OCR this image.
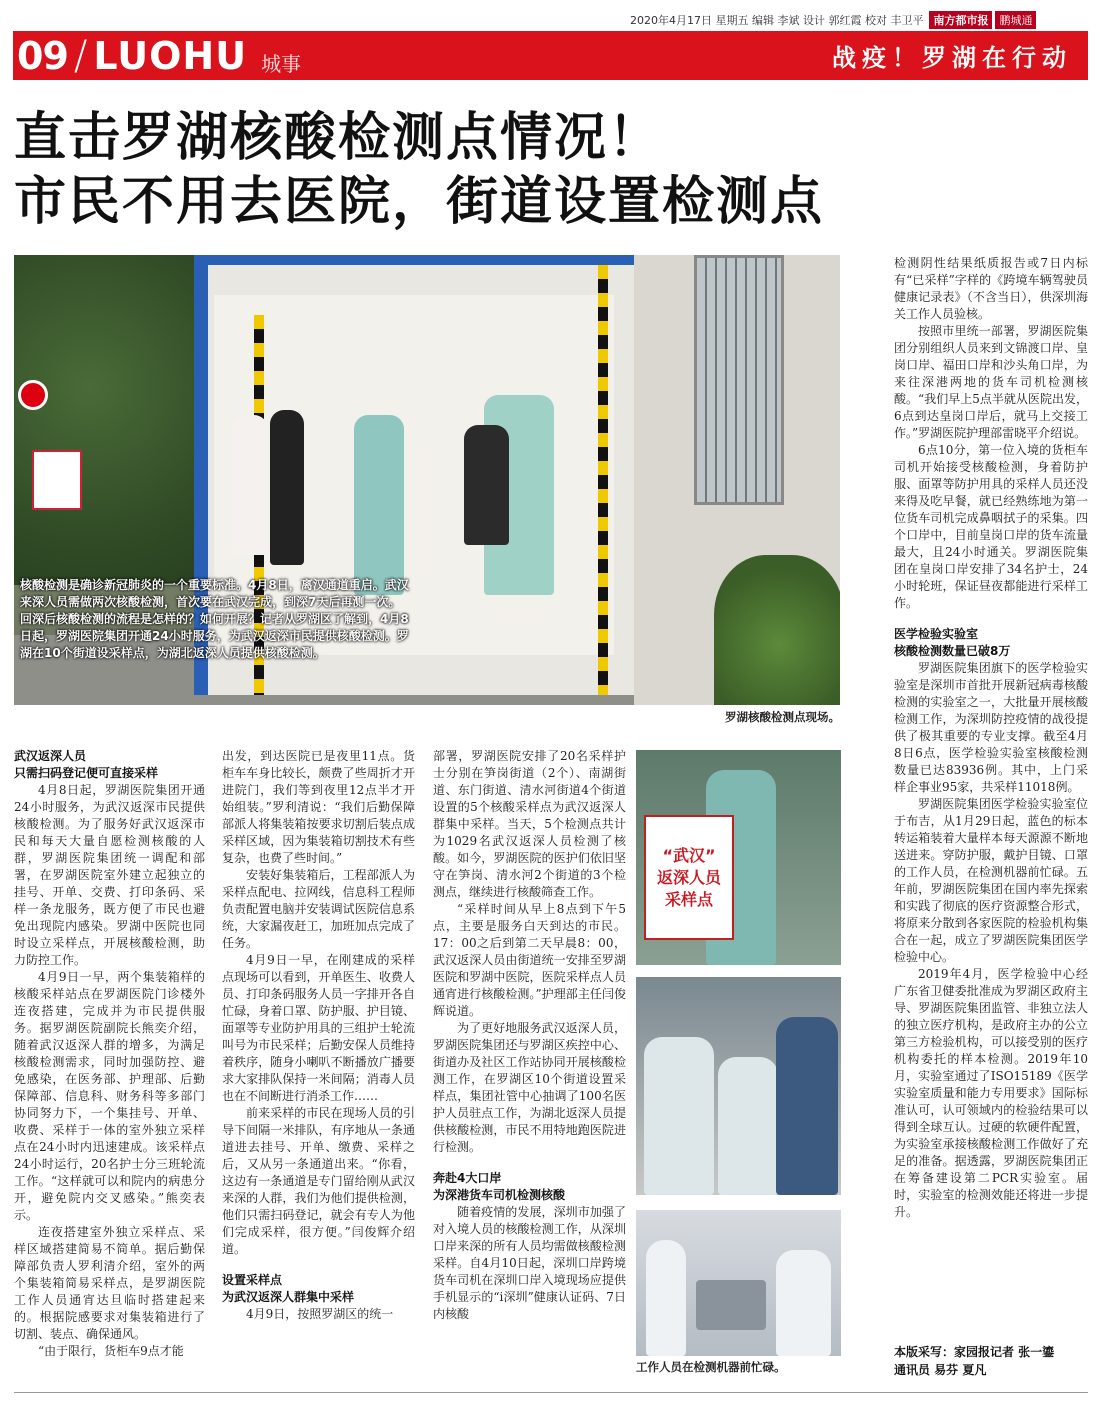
2020年4月17日 星期五 编辑 李斌 设计 郭红霞 校对 丰卫平 南方都市报	鹏城通
09 / LUOHU 城事	战疫！罗湖在行动
直击罗湖核酸检测点情况！
市民不用去医院，街道设置检测点
核酸检测是确诊新冠肺炎的一个重要标准。4月8日，离汉通道重启。武汉来深人员需做两次核酸检测，首次要在武汉完成，到深7天后再测一次。回深后核酸检测的流程是怎样的？如何开展？记者从罗湖区了解到，4月8日起，罗湖医院集团开通24小时服务，为武汉返深市民提供核酸检测。罗湖在10个街道设采样点，为湖北返深人员提供核酸检测。
罗湖核酸检测点现场。
武汉返深人员
只需扫码登记便可直接采样

4月8日起，罗湖医院集团开通24小时服务，为武汉返深市民提供核酸检测。为了服务好武汉返深市民和每天大量自愿检测核酸的人群，罗湖医院集团统一调配和部署，在罗湖医院室外建立起独立的挂号、开单、交费、打印条码、采样一条龙服务，既方便了市民也避免出现院内感染。罗湖中医院也同时设立采样点，开展核酸检测，助力防控工作。

4月9日一早，两个集装箱样的核酸采样站点在罗湖医院门诊楼外连夜搭建，完成并为市民提供服务。据罗湖医院副院长熊奕介绍，随着武汉返深人群的增多，为满足核酸检测需求，同时加强防控、避免感染，在医务部、护理部、后勤保障部、信息科、财务科等多部门协同努力下，一个集挂号、开单、收费、采样于一体的室外独立采样点在24小时内迅速建成。该采样点24小时运行，20名护士分三班轮流工作。“这样就可以和院内的病患分开，避免院内交叉感染。”熊奕表示。

连夜搭建室外独立采样点、采样区域搭建简易不简单。据后勤保障部负责人罗利清介绍，室外的两个集装箱简易采样点，是罗湖医院工作人员通宵达旦临时搭建起来的。根据院感要求对集装箱进行了切割、装点、确保通风。

“由于限行，货柜车9点才能

出发，到达医院已是夜里11点。货柜车车身比较长，颇费了些周折才开进院门，我们等到夜里12点半才开始组装。”罗利清说：“我们后勤保障部派人将集装箱按要求切割后装点成采样区域，因为集装箱切割技术有些复杂，也费了些时间。”

安装好集装箱后，工程部派人为采样点配电、拉网线，信息科工程师负责配置电脑并安装调试医院信息系统，大家漏夜赶工，加班加点完成了任务。

4月9日一早，在刚建成的采样点现场可以看到，开单医生、收费人员、打印条码服务人员一字排开各自忙碌，身着口罩、防护服、护目镜、面罩等专业防护用具的三组护士轮流叫号为市民采样；后勤安保人员维持着秩序，随身小喇叭不断播放广播要求大家排队保持一米间隔；消毒人员也在不间断进行消杀工作……

前来采样的市民在现场人员的引导下间隔一米排队，有序地从一条通道进去挂号、开单、缴费、采样之后，又从另一条通道出来。“你看，这边有一条通道是专门留给刚从武汉来深的人群，我们为他们提供检测，他们只需扫码登记，就会有专人为他们完成采样，很方便。”闫俊辉介绍道。

设置采样点
为武汉返深人群集中采样

4月9日，按照罗湖区的统一

部署，罗湖医院安排了20名采样护士分别在笋岗街道（2个）、南湖街道、东门街道、清水河街道4个街道设置的5个核酸采样点为武汉返深人群集中采样。当天，5个检测点共计为1029名武汉返深人员检测了核酸。如今，罗湖医院的医护们依旧坚守在笋岗、清水河2个街道的3个检测点，继续进行核酸筛查工作。

“采样时间从早上8点到下午5点，主要是服务白天到达的市民。17：00之后到第二天早晨8：00，武汉返深人员由街道统一安排至罗湖医院和罗湖中医院，医院采样点人员通宵进行核酸检测。”护理部主任闫俊辉说道。

为了更好地服务武汉返深人员，罗湖医院集团还与罗湖区疾控中心、街道办及社区工作站协同开展核酸检测工作，在罗湖区10个街道设置采样点，集团社管中心抽调了100名医护人员驻点工作，为湖北返深人员提供核酸检测，市民不用特地跑医院进行检测。

奔赴4大口岸
为深港货车司机检测核酸

随着疫情的发展，深圳市加强了对入境人员的核酸检测工作，从深圳口岸来深的所有人员均需做核酸检测采样。自4月10日起，深圳口岸跨境货车司机在深圳口岸入境现场应提供手机显示的“i深圳”健康认证码、7日内核酸

“武汉”
返深人员
采样点
工作人员在检测机器前忙碌。

检测阴性结果纸质报告或7日内标有“已采样”字样的《跨境车辆驾驶员健康记录表》（不含当日），供深圳海关工作人员验核。

按照市里统一部署，罗湖医院集团分别组织人员来到文锦渡口岸、皇岗口岸、福田口岸和沙头角口岸，为来往深港两地的货车司机检测核酸。“我们早上5点半就从医院出发，6点到达皇岗口岸后，就马上交接工作。”罗湖医院护理部雷晓平介绍说。

6点10分，第一位入境的货柜车司机开始接受核酸检测，身着防护服、面罩等防护用具的采样人员还没来得及吃早餐，就已经熟练地为第一位货车司机完成鼻咽拭子的采集。四个口岸中，目前皇岗口岸的货车流量最大，且24小时通关。罗湖医院集团在皇岗口岸安排了34名护士，24小时轮班，保证昼夜都能进行采样工作。

医学检验实验室
核酸检测数量已破8万

罗湖医院集团旗下的医学检验实验室是深圳市首批开展新冠病毒核酸检测的实验室之一，大批量开展核酸检测工作，为深圳防控疫情的战役提供了极其重要的专业支撑。截至4月8日6点，医学检验实验室核酸检测数量已达83936例。其中，上门采样企事业95家，共采样11018例。

罗湖医院集团医学检验实验室位于布吉，从1月29日起，蓝色的标本转运箱装着大量样本每天源源不断地送进来。穿防护服，戴护目镜、口罩的工作人员，在检测机器前忙碌。五年前，罗湖医院集团在国内率先探索和实践了彻底的医疗资源整合形式，将原来分散到各家医院的检验机构集合在一起，成立了罗湖医院集团医学检验中心。

2019年4月，医学检验中心经广东省卫健委批准成为罗湖区政府主导、罗湖医院集团监管、非独立法人的独立医疗机构，是政府主办的公立第三方检验机构，可以接受别的医疗机构委托的样本检测。2019年10月，实验室通过了ISO15189《医学实验室质量和能力专用要求》国际标准认可，认可领域内的检验结果可以得到全球互认。过硬的软硬件配置，为实验室承接核酸检测工作做好了充足的准备。据透露，罗湖医院集团正在筹备建设第二PCR实验室。届时，实验室的检测效能还将进一步提升。

本版采写：家园报记者 张一鎏
通讯员 易芬 夏凡
